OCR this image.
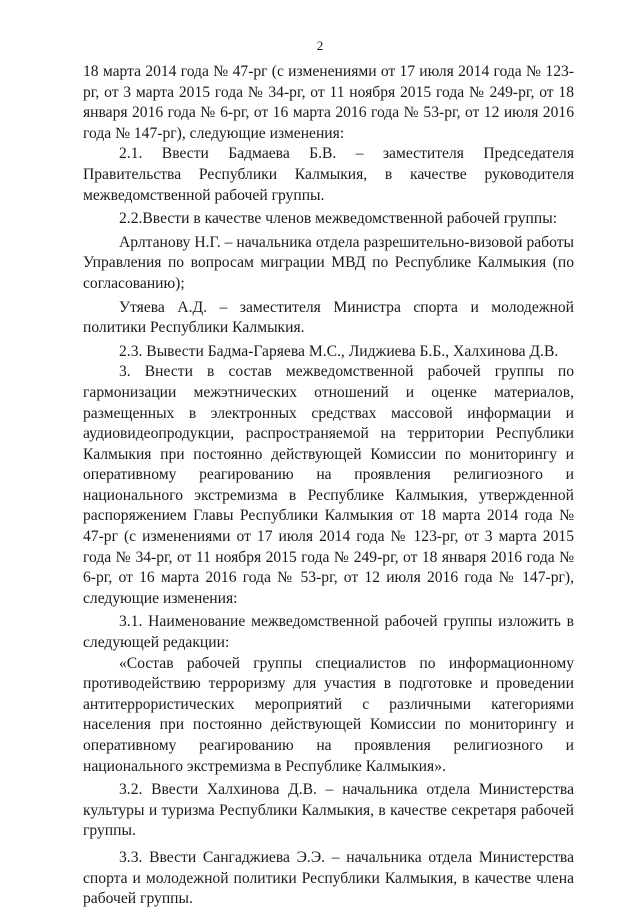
2

18 марта 2014 года № 47-рг (с изменениями от 17 июля 2014 года № 123-рг, от 3 марта 2015 года № 34-рг, от 11 ноября 2015 года № 249-рг, от 18 января 2016 года № 6-рг, от 16 марта 2016 года № 53-рг, от 12 июля 2016 года № 147-рг), следующие изменения:

2.1. Ввести Бадмаева Б.В. – заместителя Председателя Правительства Республики Калмыкия, в качестве руководителя межведомственной рабочей группы.

2.2.Ввести в качестве членов межведомственной рабочей группы:

Арлтанову Н.Г. – начальника отдела разрешительно-визовой работы Управления по вопросам миграции МВД по Республике Калмыкия (по согласованию);

Утяева А.Д. – заместителя Министра спорта и молодежной политики Республики Калмыкия.

2.3. Вывести Бадма-Гаряева М.С., Лиджиева Б.Б., Халхинова Д.В.

3. Внести в состав межведомственной рабочей группы по гармонизации межэтнических отношений и оценке материалов, размещенных в электронных средствах массовой информации и аудиовидеопродукции, распространяемой на территории Республики Калмыкия при постоянно действующей Комиссии по мониторингу и оперативному реагированию на проявления религиозного и национального экстремизма в Республике Калмыкия, утвержденной распоряжением Главы Республики Калмыкия от 18 марта 2014 года № 47-рг (с изменениями от 17 июля 2014 года № 123-рг, от 3 марта 2015 года № 34-рг, от 11 ноября 2015 года № 249-рг, от 18 января 2016 года № 6-рг, от 16 марта 2016 года № 53-рг, от 12 июля 2016 года № 147-рг), следующие изменения:

3.1. Наименование межведомственной рабочей группы изложить в следующей редакции:

«Состав рабочей группы специалистов по информационному противодействию терроризму для участия в подготовке и проведении антитеррористических мероприятий с различными категориями населения при постоянно действующей Комиссии по мониторингу и оперативному реагированию на проявления религиозного и национального экстремизма в Республике Калмыкия».

3.2. Ввести Халхинова Д.В. – начальника отдела Министерства культуры и туризма Республики Калмыкия, в качестве секретаря рабочей группы.

3.3. Ввести Сангаджиева Э.Э. – начальника отдела Министерства спорта и молодежной политики Республики Калмыкия, в качестве члена рабочей группы.
